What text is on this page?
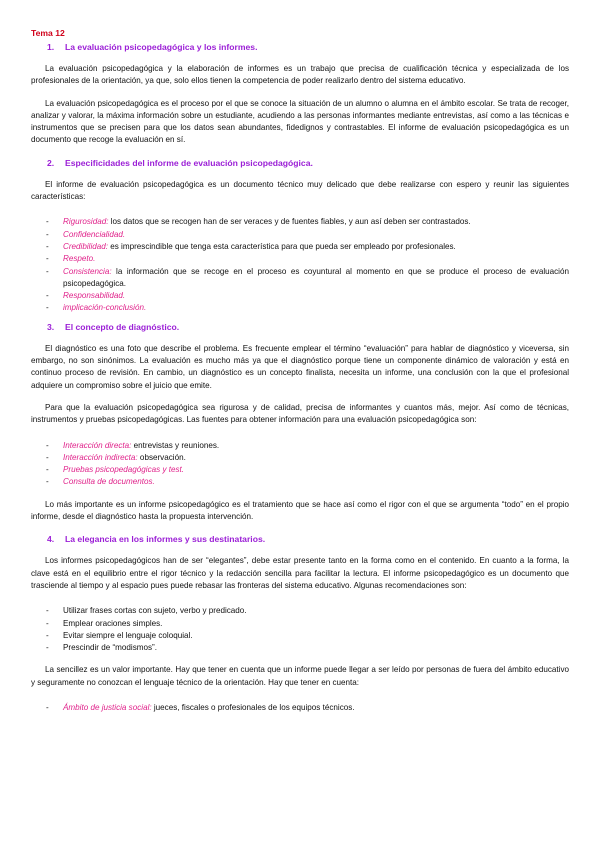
Tema 12
1. La evaluación psicopedagógica y los informes.

La evaluación psicopedagógica y la elaboración de informes es un trabajo que precisa de cualificación técnica y especializada de los profesionales de la orientación, ya que, solo ellos tienen la competencia de poder realizarlo dentro del sistema educativo.

La evaluación psicopedagógica es el proceso por el que se conoce la situación de un alumno o alumna en el ámbito escolar. Se trata de recoger, analizar y valorar, la máxima información sobre un estudiante, acudiendo a las personas informantes mediante entrevistas, así como a las técnicas e instrumentos que se precisen para que los datos sean abundantes, fidedignos y contrastables. El informe de evaluación psicopedagógica es un documento que recoge la evaluación en sí.

2. Especificidades del informe de evaluación psicopedagógica.

El informe de evaluación psicopedagógica es un documento técnico muy delicado que debe realizarse con espero y reunir las siguientes características:

- Rigurosidad: los datos que se recogen han de ser veraces y de fuentes fiables, y aun así deben ser contrastados.
- Confidencialidad.
- Credibilidad: es imprescindible que tenga esta característica para que pueda ser empleado por profesionales.
- Respeto.
- Consistencia: la información que se recoge en el proceso es coyuntural al momento en que se produce el proceso de evaluación psicopedagógica.
- Responsabilidad.
- implicación-conclusión.
3. El concepto de diagnóstico.

El diagnóstico es una foto que describe el problema. Es frecuente emplear el término “evaluación” para hablar de diagnóstico y viceversa, sin embargo, no son sinónimos. La evaluación es mucho más ya que el diagnóstico porque tiene un componente dinámico de valoración y está en continuo proceso de revisión. En cambio, un diagnóstico es un concepto finalista, necesita un informe, una conclusión con la que el profesional adquiere un compromiso sobre el juicio que emite.

Para que la evaluación psicopedagógica sea rigurosa y de calidad, precisa de informantes y cuantos más, mejor. Así como de técnicas, instrumentos y pruebas psicopedagógicas. Las fuentes para obtener información para una evaluación psicopedagógica son:

- Interacción directa: entrevistas y reuniones.
- Interacción indirecta: observación.
- Pruebas psicopedagógicas y test.
- Consulta de documentos.

Lo más importante es un informe psicopedagógico es el tratamiento que se hace así como el rigor con el que se argumenta “todo” en el propio informe, desde el diagnóstico hasta la propuesta intervención.

4. La elegancia en los informes y sus destinatarios.

Los informes psicopedagógicos han de ser “elegantes”, debe estar presente tanto en la forma como en el contenido. En cuanto a la forma, la clave está en el equilibrio entre el rigor técnico y la redacción sencilla para facilitar la lectura. El informe psicopedagógico es un documento que trasciende al tiempo y al espacio pues puede rebasar las fronteras del sistema educativo. Algunas recomendaciones son:

- Utilizar frases cortas con sujeto, verbo y predicado.
- Emplear oraciones simples.
- Evitar siempre el lenguaje coloquial.
- Prescindir de “modismos”.

La sencillez es un valor importante. Hay que tener en cuenta que un informe puede llegar a ser leído por personas de fuera del ámbito educativo y seguramente no conozcan el lenguaje técnico de la orientación. Hay que tener en cuenta:

- Ámbito de justicia social: jueces, fiscales o profesionales de los equipos técnicos.
